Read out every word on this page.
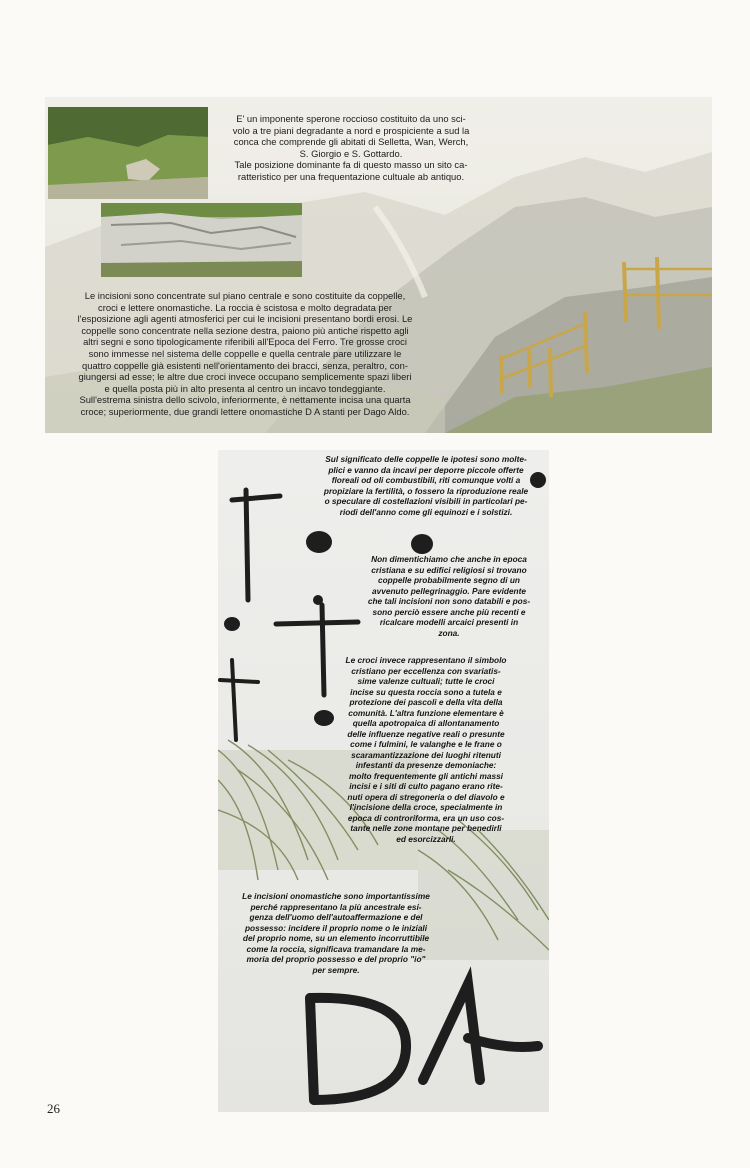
E' un imponente sperone roccioso costituito da uno sci-

volo a tre piani degradante a nord e prospiciente a sud la

conca che comprende gli abitati di Selletta, Wan, Werch,

S. Giorgio e S. Gottardo.

Tale posizione dominante fa di questo masso un sito ca-

ratteristico per una frequentazione cultuale ab antiquo.

Le incisioni sono concentrate sul piano centrale e sono costituite da coppelle,

croci e lettere onomastiche. La roccia è scistosa e molto degradata per

l'esposizione agli agenti atmosferici per cui le incisioni presentano bordi erosi. Le

coppelle sono concentrate nella sezione destra, paiono più antiche rispetto agli

altri segni e sono tipologicamente riferibili all'Epoca del Ferro. Tre grosse croci

sono immesse nel sistema delle coppelle e quella centrale pare utilizzare le

quattro coppelle già esistenti nell'orientamento dei bracci, senza, peraltro, con-

giungersi ad esse; le altre due croci invece occupano semplicemente spazi liberi

e quella posta più in alto presenta al centro un incavo tondeggiante.

Sull'estrema sinistra dello scivolo, inferiormente, è nettamente incisa una quarta

croce; superiormente, due grandi lettere onomastiche D A stanti per Dago Aldo.

Sul significato delle coppelle le ipotesi sono molte-

plici e vanno da incavi per deporre piccole offerte

floreali od oli combustibili, riti comunque volti a

propiziare la fertilità, o fossero la riproduzione reale

o speculare di costellazioni visibili in particolari pe-

riodi dell'anno come gli equinozi e i solstizi.

Non dimentichiamo che anche in epoca

cristiana e su edifici religiosi si trovano

coppelle probabilmente segno di un

avvenuto pellegrinaggio. Pare evidente

che tali incisioni non sono databili e pos-

sono perciò essere anche più recenti e

ricalcare modelli arcaici presenti in

zona.

Le croci invece rappresentano il simbolo

cristiano per eccellenza con svariatis-

sime valenze cultuali; tutte le croci

incise su questa roccia sono a tutela e

protezione dei pascoli e della vita della

comunità. L'altra funzione elementare è

quella apotropaica di allontanamento

delle influenze negative reali o presunte

come i fulmini, le valanghe e le frane o

scaramantizzazione dei luoghi ritenuti

infestanti da presenze demoniache:

molto frequentemente gli antichi massi

incisi e i siti di culto pagano erano rite-

nuti opera di stregoneria o del diavolo e

l'incisione della croce, specialmente in

epoca di controriforma, era un uso cos-

tante nelle zone montane per benedirli

ed esorcizzarli.

Le incisioni onomastiche sono importantissime

perché rappresentano la più ancestrale esi-

genza dell'uomo dell'autoaffermazione e del

possesso: incidere il proprio nome o le iniziali

del proprio nome, su un elemento incorruttibile

come la roccia, significava tramandare la me-

moria del proprio possesso e del proprio "io"

per sempre.

26
